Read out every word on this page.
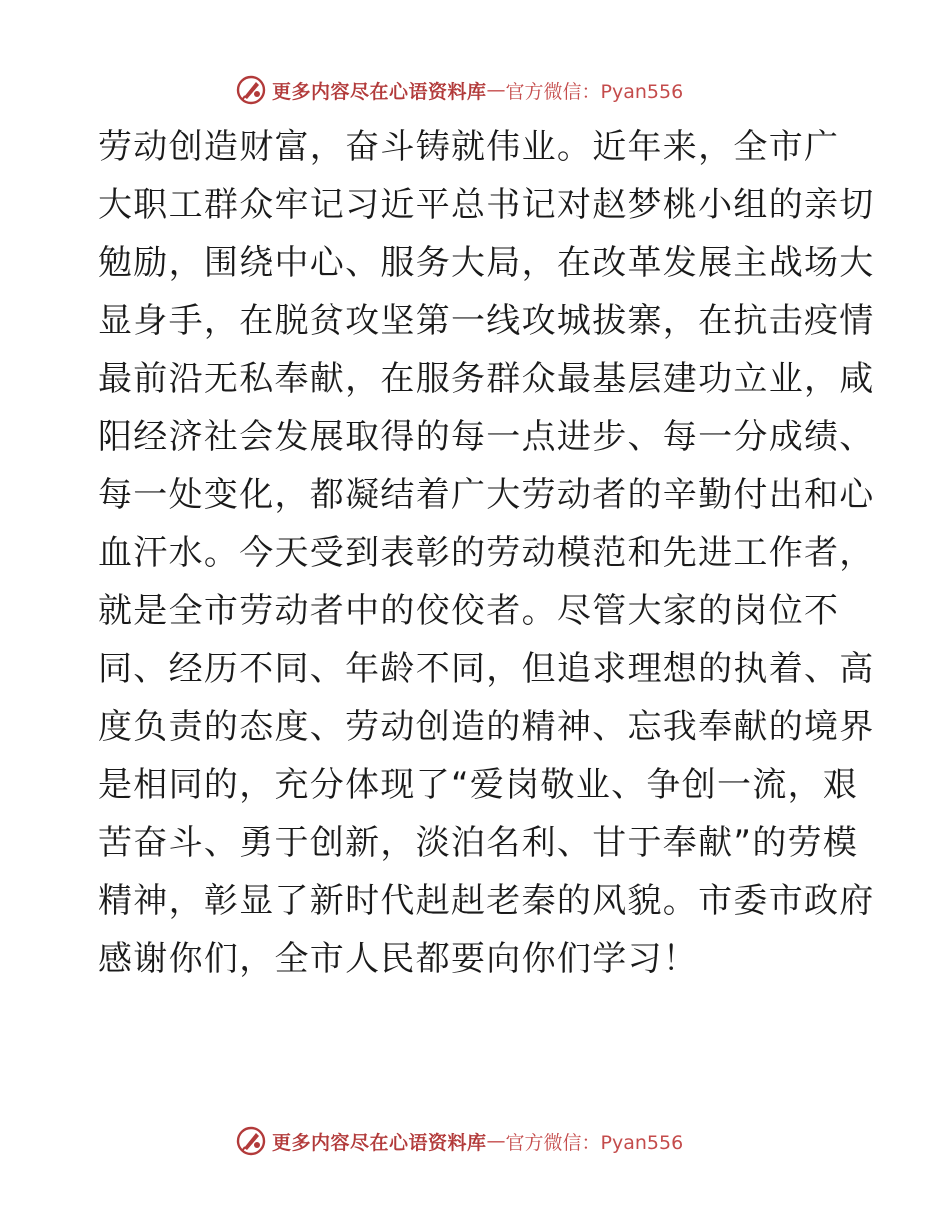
更多内容尽在心语资料库 — 官方微信：Pyan556
劳动创造财富，奋斗铸就伟业。近年来，全市广
大职工群众牢记习近平总书记对赵梦桃小组的亲切
勉励，围绕中心、服务大局，在改革发展主战场大
显身手，在脱贫攻坚第一线攻城拔寨，在抗击疫情
最前沿无私奉献，在服务群众最基层建功立业，咸
阳经济社会发展取得的每一点进步、每一分成绩、
每一处变化，都凝结着广大劳动者的辛勤付出和心
血汗水。今天受到表彰的劳动模范和先进工作者，
就是全市劳动者中的佼佼者。尽管大家的岗位不
同、经历不同、年龄不同，但追求理想的执着、高
度负责的态度、劳动创造的精神、忘我奉献的境界
是相同的，充分体现了“爱岗敬业、争创一流，艰
苦奋斗、勇于创新，淡泊名利、甘于奉献”的劳模
精神，彰显了新时代赳赳老秦的风貌。市委市政府
感谢你们，全市人民都要向你们学习！
更多内容尽在心语资料库 — 官方微信：Pyan556
